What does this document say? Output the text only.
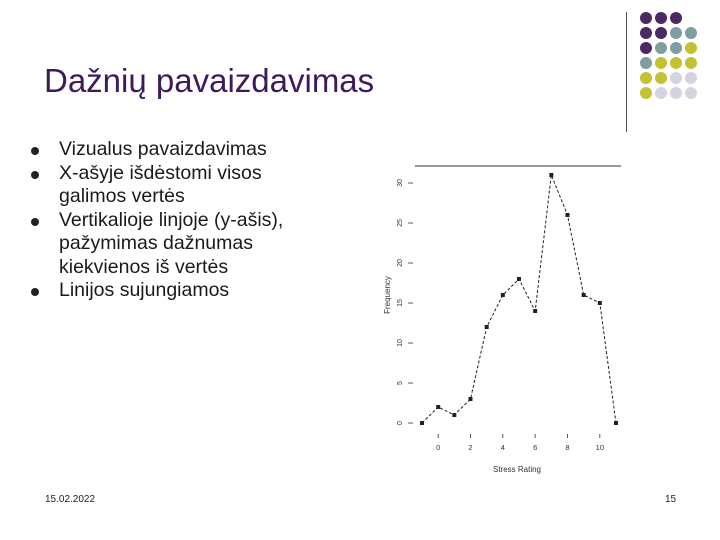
Dažnių pavaizdavimas
Vizualus pavaizdavimas
X-ašyje išdėstomi visos galimos vertės
Vertikalioje linjoje (y-ašis), pažymimas dažnumas kiekvienos iš vertės
Linijos sujungiamos
0
5
10
15
20
25
30
0	2	4	6	8	10
Stress Rating
Frequency
15.02.2022	15
